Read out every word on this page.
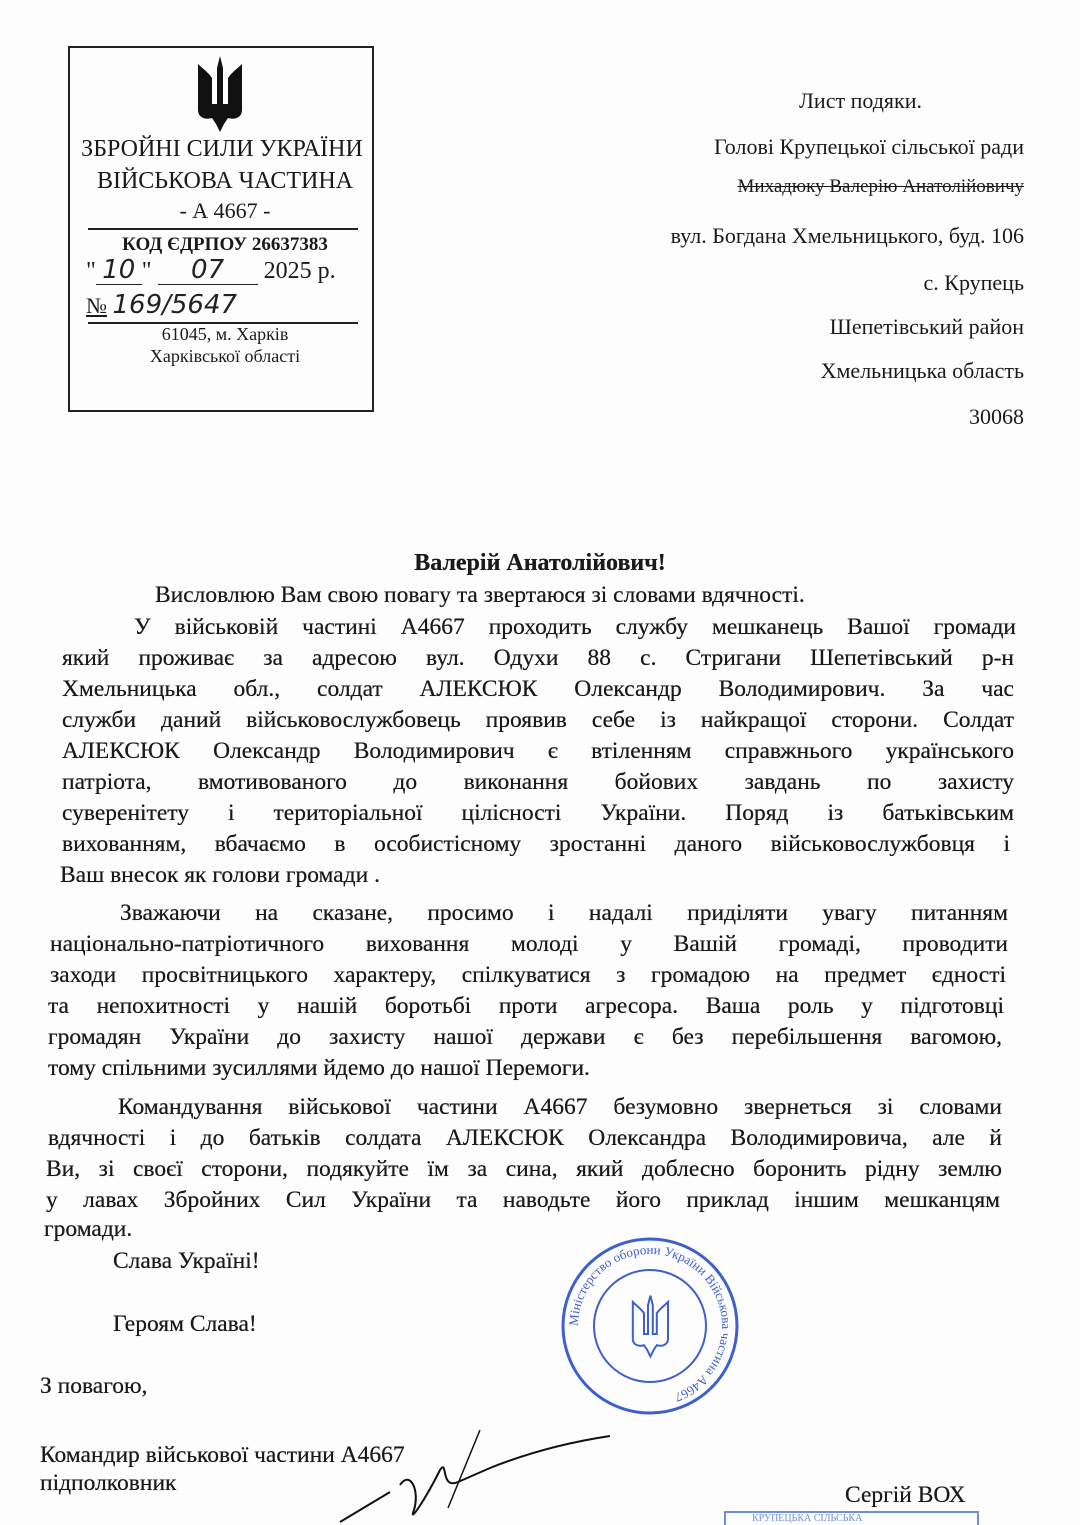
ЗБРОЙНІ СИЛИ УКРАЇНИ
ВІЙСЬКОВА ЧАСТИНА
- А 4667 -
КОД ЄДРПОУ 26637383
" 10 " 07 2025 р.
№ 169/5647
61045, м. Харків
Харківської області
Лист подяки.
Голові Крупецької сільської ради
Михадюку Валерію Анатолійовичу
вул. Богдана Хмельницького, буд. 106
с. Крупець
Шепетівський район
Хмельницька область
30068
Валерій Анатолійович!
Висловлюю Вам свою повагу та звертаюся зі словами вдячності.
У військовій частині А4667 проходить службу мешканець Вашої громади
який проживає за адресою вул. Одухи 88 с. Стригани Шепетівський р-н
Хмельницька обл., солдат АЛЕКСЮК Олександр Володимирович. За час
служби даний військовослужбовець проявив себе із найкращої сторони. Солдат
АЛЕКСЮК Олександр Володимирович є втіленням справжнього українського
патріота, вмотивованого до виконання бойових завдань по захисту
суверенітету і територіальної цілісності України. Поряд із батьківським
вихованням, вбачаємо в особистісному зростанні даного військовослужбовця і
Ваш внесок як голови громади .
Зважаючи на сказане, просимо і надалі приділяти увагу питанням
національно-патріотичного виховання молоді у Вашій громаді, проводити
заходи просвітницького характеру, спілкуватися з громадою на предмет єдності
та непохитності у нашій боротьбі проти агресора. Ваша роль у підготовці
громадян України до захисту нашої держави є без перебільшення вагомою,
тому спільними зусиллями йдемо до нашої Перемоги.
Командування військової частини А4667 безумовно звернеться зі словами
вдячності і до батьків солдата АЛЕКСЮК Олександра Володимировича, але й
Ви, зі своєї сторони, подякуйте їм за сина, який доблесно боронить рідну землю
у лавах Збройних Сил України та наводьте його приклад іншим мешканцям
громади.
Слава Україні!
Героям Слава!
З повагою,
Командир військової частини А4667
підполковник	Сергій ВОХ
Міністерство оборони України Військова частина А4667
КРУПЕЦЬКА СІЛЬСЬКА
